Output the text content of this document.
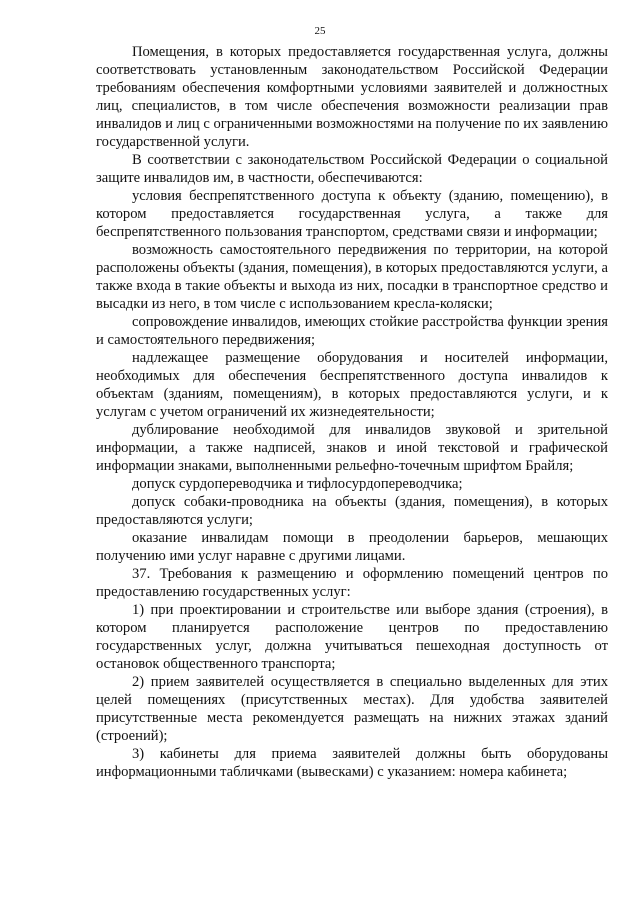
25

Помещения, в которых предоставляется государственная услуга, должны соответствовать установленным законодательством Российской Федерации требованиям обеспечения комфортными условиями заявителей и должностных лиц, специалистов, в том числе обеспечения возможности реализации прав инвалидов и лиц с ограниченными возможностями на получение по их заявлению государственной услуги.

В соответствии с законодательством Российской Федерации о социальной защите инвалидов им, в частности, обеспечиваются:

условия беспрепятственного доступа к объекту (зданию, помещению), в котором предоставляется государственная услуга, а также для беспрепятственного пользования транспортом, средствами связи и информации;

возможность самостоятельного передвижения по территории, на которой расположены объекты (здания, помещения), в которых предоставляются услуги, а также входа в такие объекты и выхода из них, посадки в транспортное средство и высадки из него, в том числе с использованием кресла-коляски;

сопровождение инвалидов, имеющих стойкие расстройства функции зрения и самостоятельного передвижения;

надлежащее размещение оборудования и носителей информации, необходимых для обеспечения беспрепятственного доступа инвалидов к объектам (зданиям, помещениям), в которых предоставляются услуги, и к услугам с учетом ограничений их жизнедеятельности;

дублирование необходимой для инвалидов звуковой и зрительной информации, а также надписей, знаков и иной текстовой и графической информации знаками, выполненными рельефно-точечным шрифтом Брайля;

допуск сурдопереводчика и тифлосурдопереводчика;

допуск собаки-проводника на объекты (здания, помещения), в которых предоставляются услуги;

оказание инвалидам помощи в преодолении барьеров, мешающих получению ими услуг наравне с другими лицами.

37. Требования к размещению и оформлению помещений центров по предоставлению государственных услуг:

1) при проектировании и строительстве или выборе здания (строения), в котором планируется расположение центров по предоставлению государственных услуг, должна учитываться пешеходная доступность от остановок общественного транспорта;

2) прием заявителей осуществляется в специально выделенных для этих целей помещениях (присутственных местах). Для удобства заявителей присутственные места рекомендуется размещать на нижних этажах зданий (строений);

3) кабинеты для приема заявителей должны быть оборудованы информационными табличками (вывесками) с указанием: номера кабинета;
